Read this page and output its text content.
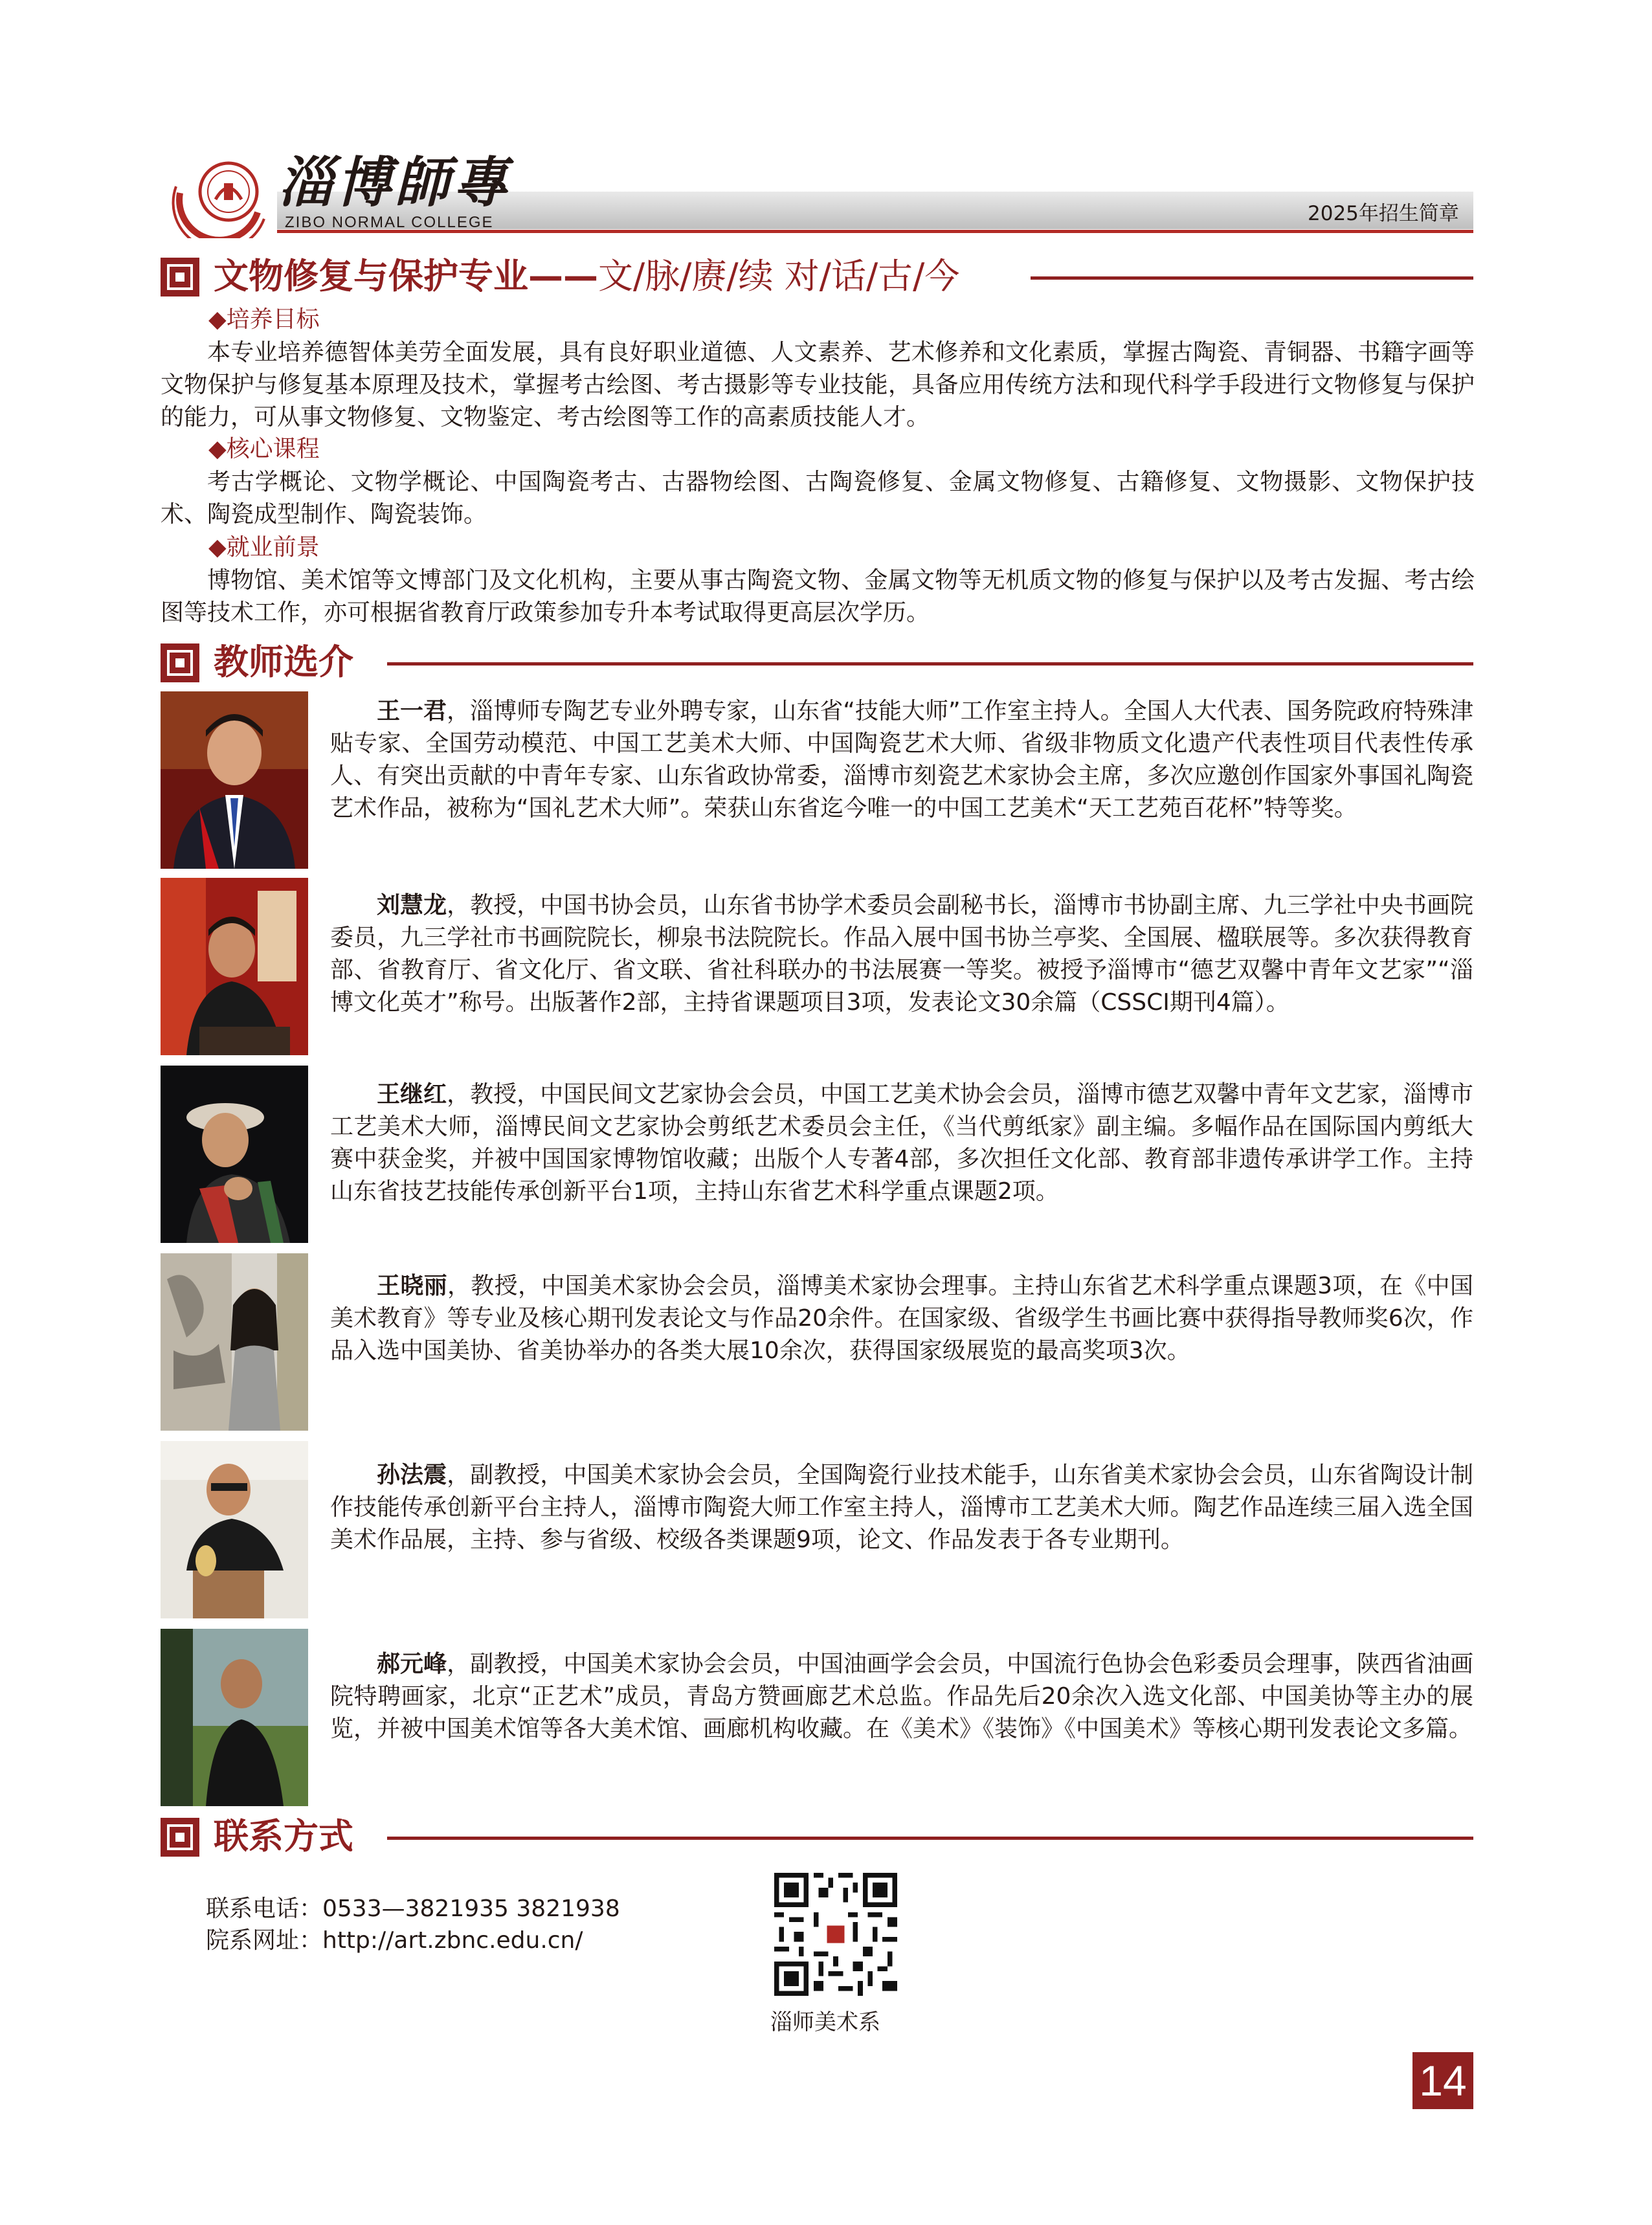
淄博師專
ZIBO NORMAL COLLEGE	2025年招生简章
文物修复与保护专业——文/脉/赓/续 对/话/古/今
◆培养目标
本专业培养德智体美劳全面发展，具有良好职业道德、人文素养、艺术修养和文化素质，掌握古陶瓷、青铜器、书籍字画等文物保护与修复基本原理及技术，掌握考古绘图、考古摄影等专业技能，具备应用传统方法和现代科学手段进行文物修复与保护的能力，可从事文物修复、文物鉴定、考古绘图等工作的高素质技能人才。
◆核心课程
考古学概论、文物学概论、中国陶瓷考古、古器物绘图、古陶瓷修复、金属文物修复、古籍修复、文物摄影、文物保护技术、陶瓷成型制作、陶瓷装饰。
◆就业前景
博物馆、美术馆等文博部门及文化机构，主要从事古陶瓷文物、金属文物等无机质文物的修复与保护以及考古发掘、考古绘图等技术工作，亦可根据省教育厅政策参加专升本考试取得更高层次学历。
教师选介
王一君，淄博师专陶艺专业外聘专家，山东省“技能大师”工作室主持人。全国人大代表、国务院政府特殊津贴专家、全国劳动模范、中国工艺美术大师、中国陶瓷艺术大师、省级非物质文化遗产代表性项目代表性传承人、有突出贡献的中青年专家、山东省政协常委，淄博市刻瓷艺术家协会主席，多次应邀创作国家外事国礼陶瓷艺术作品，被称为“国礼艺术大师”。荣获山东省迄今唯一的中国工艺美术“天工艺苑百花杯”特等奖。
刘慧龙，教授，中国书协会员，山东省书协学术委员会副秘书长，淄博市书协副主席、九三学社中央书画院委员，九三学社市书画院院长，柳泉书法院院长。作品入展中国书协兰亭奖、全国展、楹联展等。多次获得教育部、省教育厅、省文化厅、省文联、省社科联办的书法展赛一等奖。被授予淄博市“德艺双馨中青年文艺家”“淄博文化英才”称号。出版著作2部，主持省课题项目3项，发表论文30余篇（CSSCI期刊4篇）。
王继红，教授，中国民间文艺家协会会员，中国工艺美术协会会员，淄博市德艺双馨中青年文艺家，淄博市工艺美术大师，淄博民间文艺家协会剪纸艺术委员会主任，《当代剪纸家》副主编。多幅作品在国际国内剪纸大赛中获金奖，并被中国国家博物馆收藏；出版个人专著4部，多次担任文化部、教育部非遗传承讲学工作。主持山东省技艺技能传承创新平台1项，主持山东省艺术科学重点课题2项。
王晓丽，教授，中国美术家协会会员，淄博美术家协会理事。主持山东省艺术科学重点课题3项，在《中国美术教育》等专业及核心期刊发表论文与作品20余件。在国家级、省级学生书画比赛中获得指导教师奖6次，作品入选中国美协、省美协举办的各类大展10余次，获得国家级展览的最高奖项3次。
孙法震，副教授，中国美术家协会会员，全国陶瓷行业技术能手，山东省美术家协会会员，山东省陶设计制作技能传承创新平台主持人，淄博市陶瓷大师工作室主持人，淄博市工艺美术大师。陶艺作品连续三届入选全国美术作品展，主持、参与省级、校级各类课题9项，论文、作品发表于各专业期刊。
郝元峰，副教授，中国美术家协会会员，中国油画学会会员，中国流行色协会色彩委员会理事，陕西省油画院特聘画家，北京“正艺术”成员，青岛方赞画廊艺术总监。作品先后20余次入选文化部、中国美协等主办的展览，并被中国美术馆等各大美术馆、画廊机构收藏。在《美术》《装饰》《中国美术》等核心期刊发表论文多篇。
联系方式
联系电话：0533—3821935 3821938
院系网址：http://art.zbnc.edu.cn/
淄师美术系
14
